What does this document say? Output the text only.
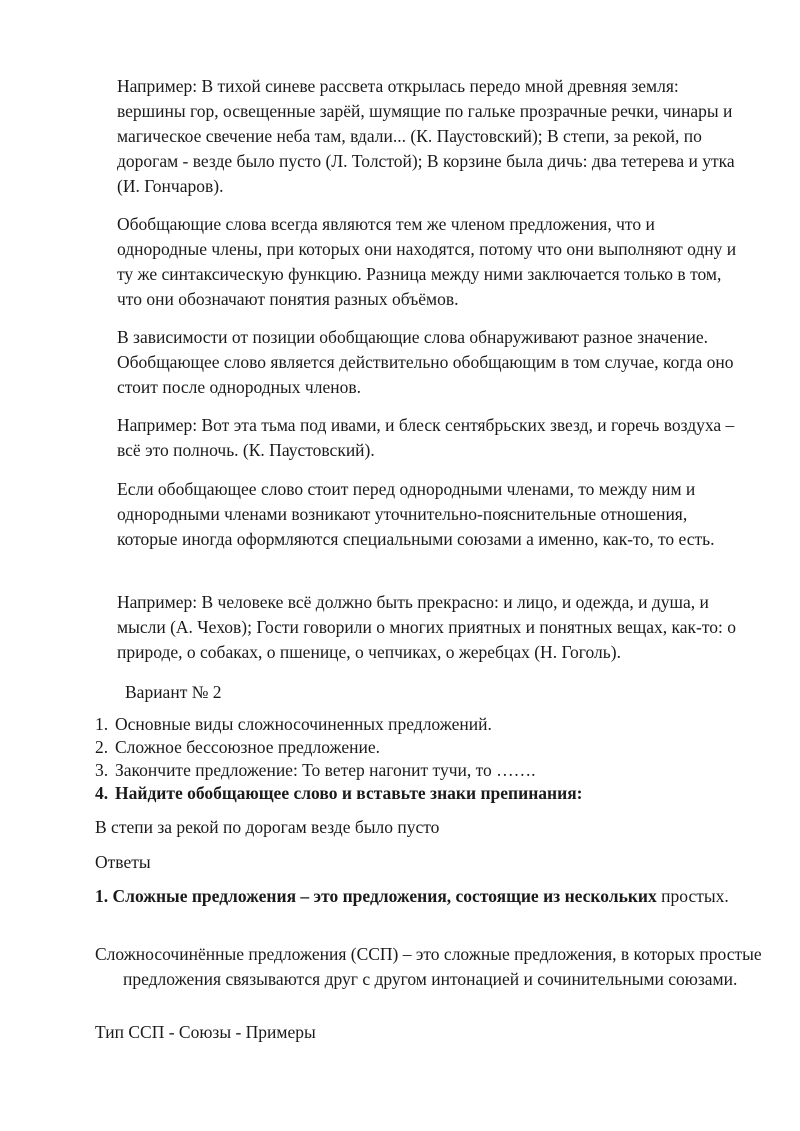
Например: В тихой синеве рассвета открылась передо мной древняя земля: вершины гор, освещенные зарёй, шумящие по гальке прозрачные речки, чинары и магическое свечение неба там, вдали... (К. Паустовский); В степи, за рекой, по дорогам - везде было пусто (Л. Толстой); В корзине была дичь: два тетерева и утка (И. Гончаров).

Обобщающие слова всегда являются тем же членом предложения, что и однородные члены, при которых они находятся, потому что они выполняют одну и ту же синтаксическую функцию. Разница между ними заключается только в том, что они обозначают понятия разных объёмов.

В зависимости от позиции обобщающие слова обнаруживают разное значение. Обобщающее слово является действительно обобщающим в том случае, когда оно стоит после однородных членов.

Например: Вот эта тьма под ивами, и блеск сентябрьских звезд, и горечь воздуха – всё это полночь. (К. Паустовский).

Если обобщающее слово стоит перед однородными членами, то между ним и однородными членами возникают уточнительно-пояснительные отношения, которые иногда оформляются специальными союзами а именно, как-то, то есть.

Например: В человеке всё должно быть прекрасно: и лицо, и одежда, и душа, и мысли (А. Чехов); Гости говорили о многих приятных и понятных вещах, как-то: о природе, о собаках, о пшенице, о чепчиках, о жеребцах (Н. Гоголь).

Вариант № 2

1. Основные виды сложносочиненных предложений.
2. Сложное бессоюзное предложение.
3. Закончите предложение: То ветер нагонит тучи, то …….
4. Найдите обобщающее слово и вставьте знаки препинания:

В степи за рекой по дорогам везде было пусто

Ответы

1. Сложные предложения – это предложения, состоящие из нескольких простых.

Сложносочинённые предложения (ССП) – это сложные предложения, в которых простые предложения связываются друг с другом интонацией и сочинительными союзами.

Тип ССП - Союзы - Примеры
